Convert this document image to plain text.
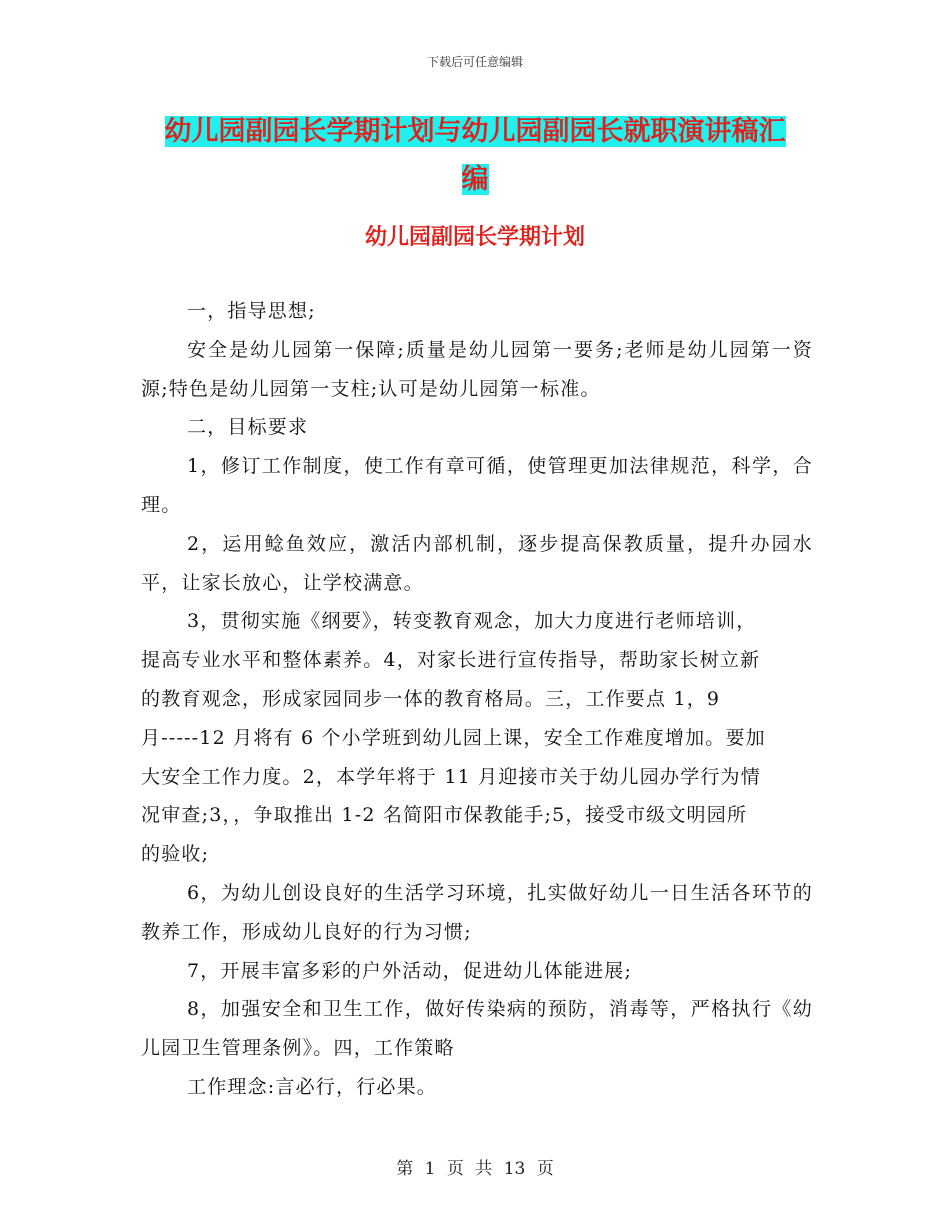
下载后可任意编辑
幼儿园副园长学期计划与幼儿园副园长就职演讲稿汇
编
幼儿园副园长学期计划

一，指导思想;

安全是幼儿园第一保障;质量是幼儿园第一要务;老师是幼儿园第一资源;特色是幼儿园第一支柱;认可是幼儿园第一标准。

二，目标要求

1，修订工作制度，使工作有章可循，使管理更加法律规范，科学，合理。

2，运用鲶鱼效应，激活内部机制，逐步提高保教质量，提升办园水平，让家长放心，让学校满意。

3，贯彻实施《纲要》，转变教育观念，加大力度进行老师培训，

提高专业水平和整体素养。4，对家长进行宣传指导，帮助家长树立新

的教育观念，形成家园同步一体的教育格局。三，工作要点 1，9

月-----12 月将有 6 个小学班到幼儿园上课，安全工作难度增加。要加

大安全工作力度。2，本学年将于 11 月迎接市关于幼儿园办学行为情

况审查;3，，争取推出 1-2 名简阳市保教能手;5，接受市级文明园所

的验收;

6，为幼儿创设良好的生活学习环境，扎实做好幼儿一日生活各环节的教养工作，形成幼儿良好的行为习惯;

7，开展丰富多彩的户外活动，促进幼儿体能进展;

8，加强安全和卫生工作，做好传染病的预防，消毒等，严格执行《幼儿园卫生管理条例》。四，工作策略

工作理念:言必行，行必果。

第 1 页 共 13 页
